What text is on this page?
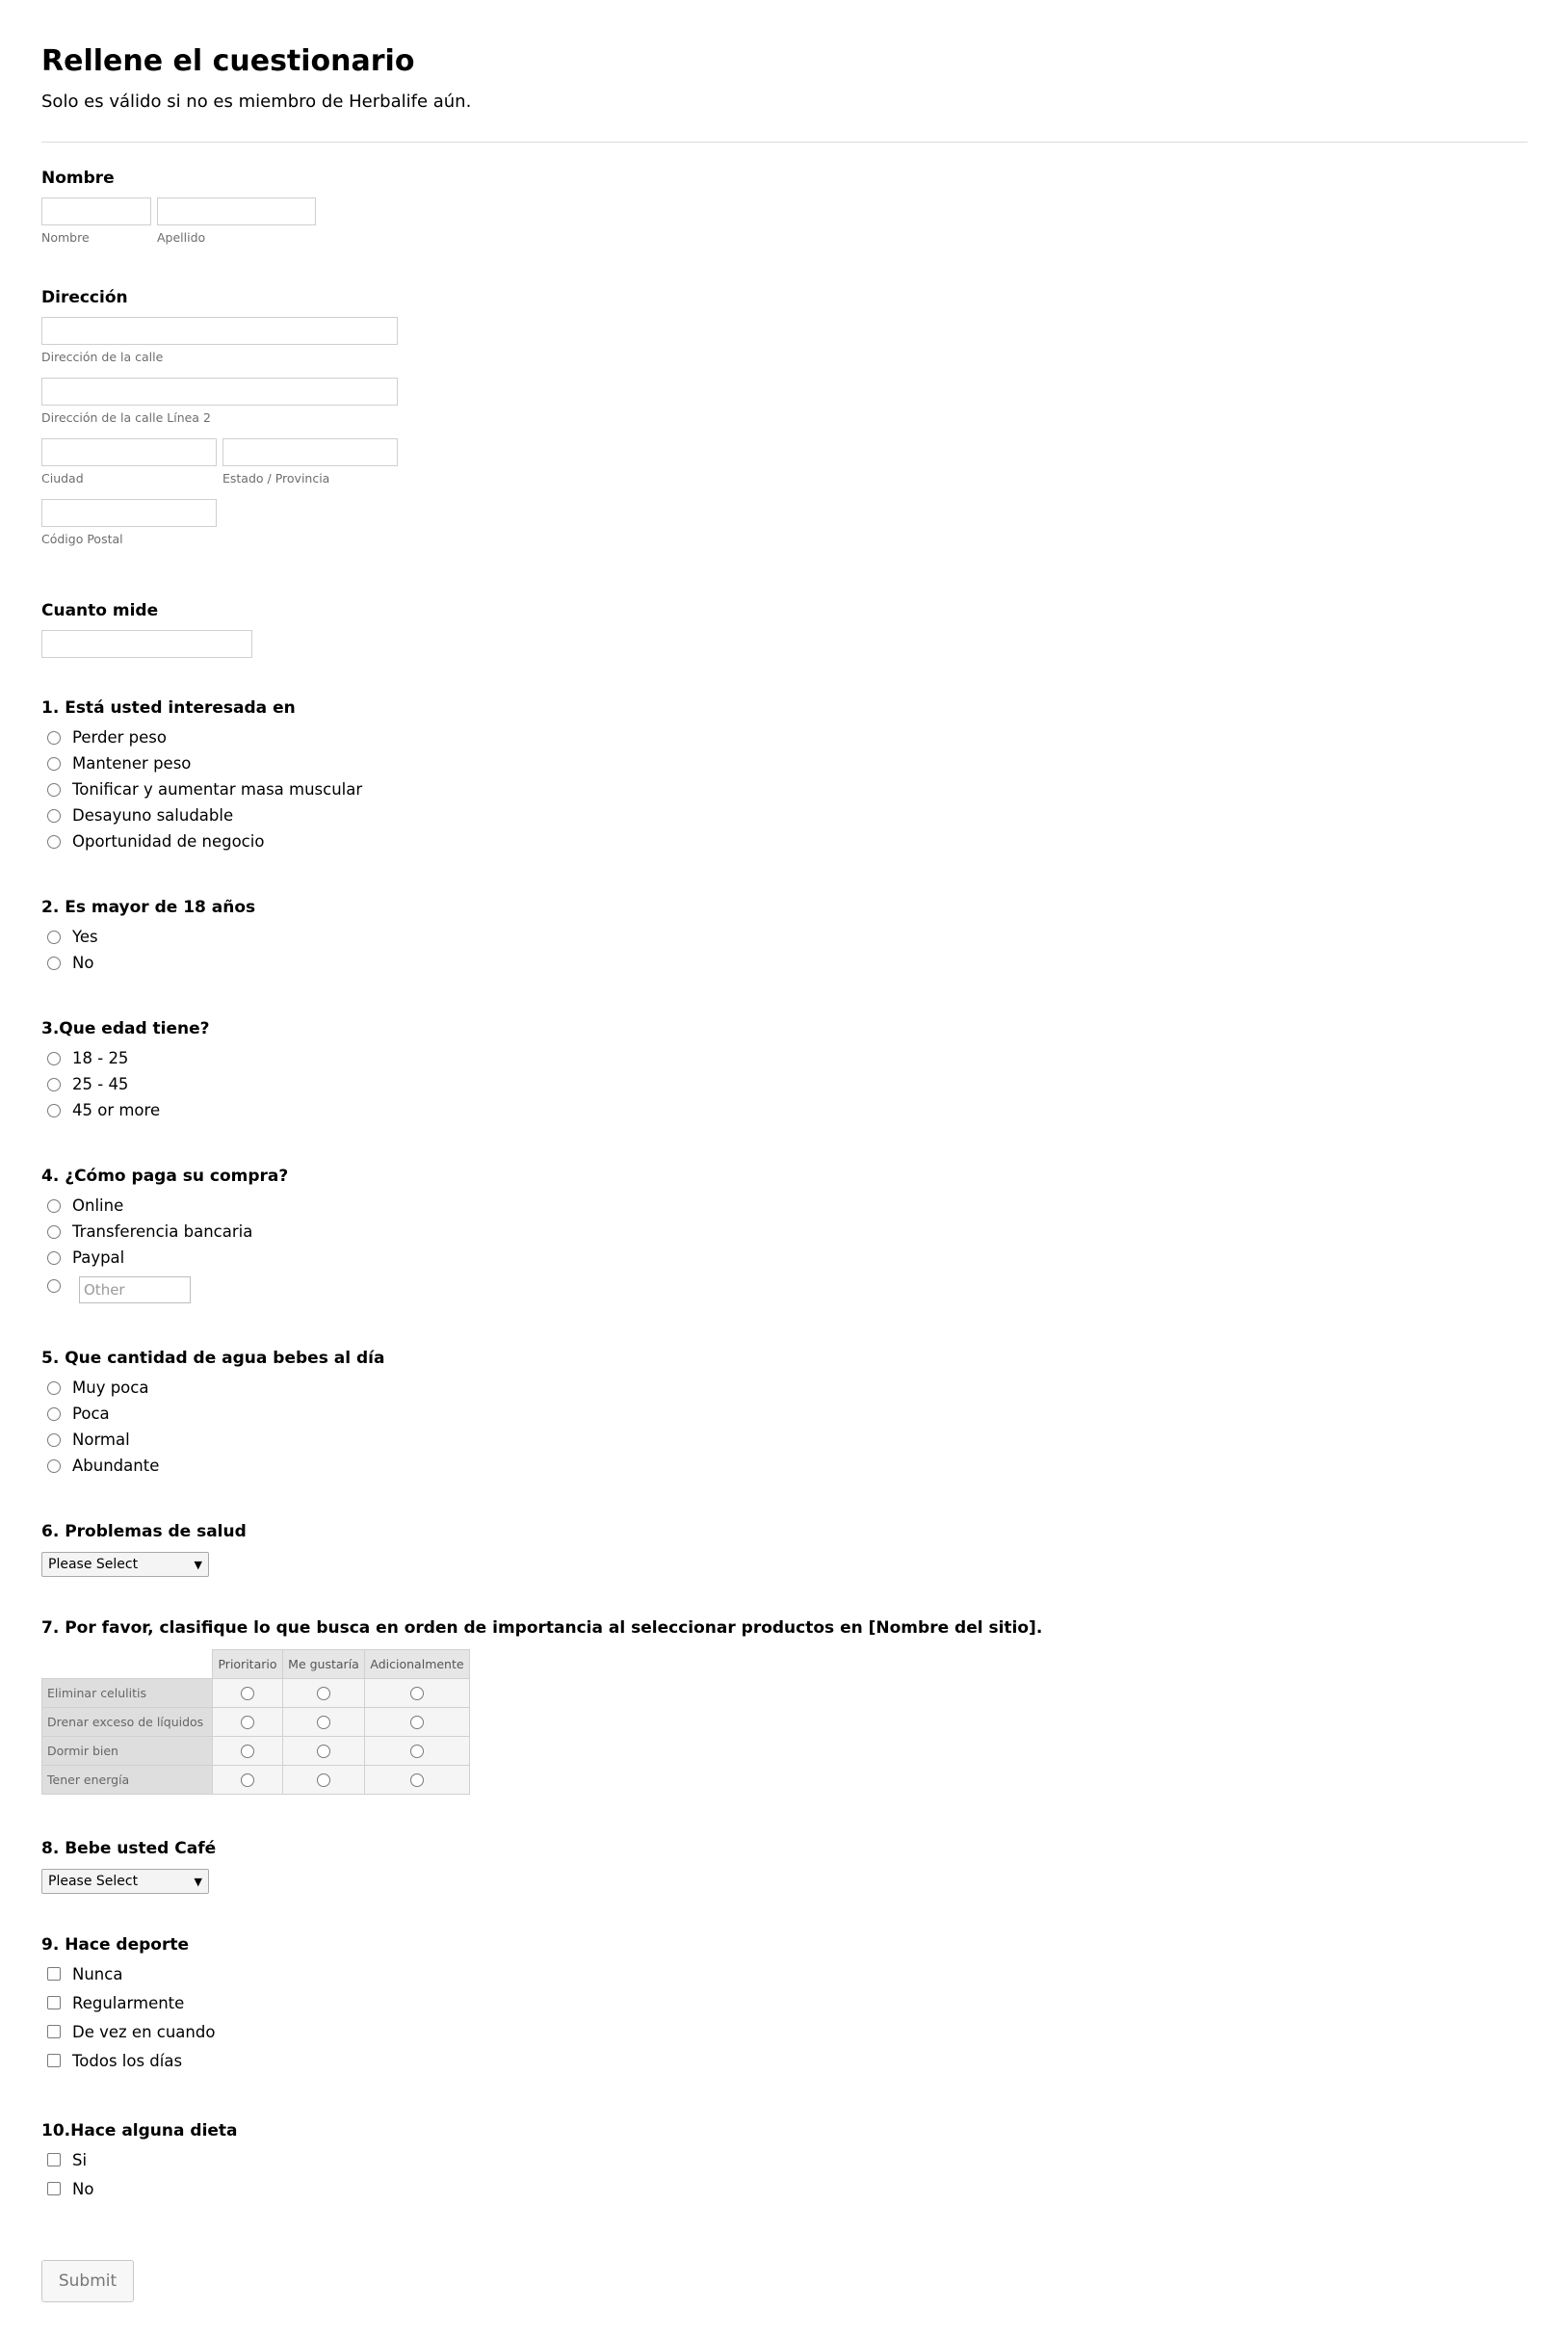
Rellene el cuestionario
Solo es válido si no es miembro de Herbalife aún.
Nombre
Nombre	Apellido
Dirección
Dirección de la calle
Dirección de la calle Línea 2
Ciudad	Estado / Provincia
Código Postal
Cuanto mide
1. Está usted interesada en
Perder peso
Mantener peso
Tonificar y aumentar masa muscular
Desayuno saludable
Oportunidad de negocio
2. Es mayor de 18 años
Yes
No
3.Que edad tiene?
18 - 25
25 - 45
45 or more
4. ¿Cómo paga su compra?
Online
Transferencia bancaria
Paypal
Other
5. Que cantidad de agua bebes al día
Muy poca
Poca
Normal
Abundante
6. Problemas de salud
Please Select	▼
7. Por favor, clasifique lo que busca en orden de importancia al seleccionar productos en [Nombre del sitio].
	Prioritario	Me gustaría	Adicionalmente
Eliminar celulitis			
Drenar exceso de líquidos			
Dormir bien			
Tener energía			
8. Bebe usted Café
Please Select	▼
9. Hace deporte
Nunca
Regularmente
De vez en cuando
Todos los días
10.Hace alguna dieta
Si
No
Submit
